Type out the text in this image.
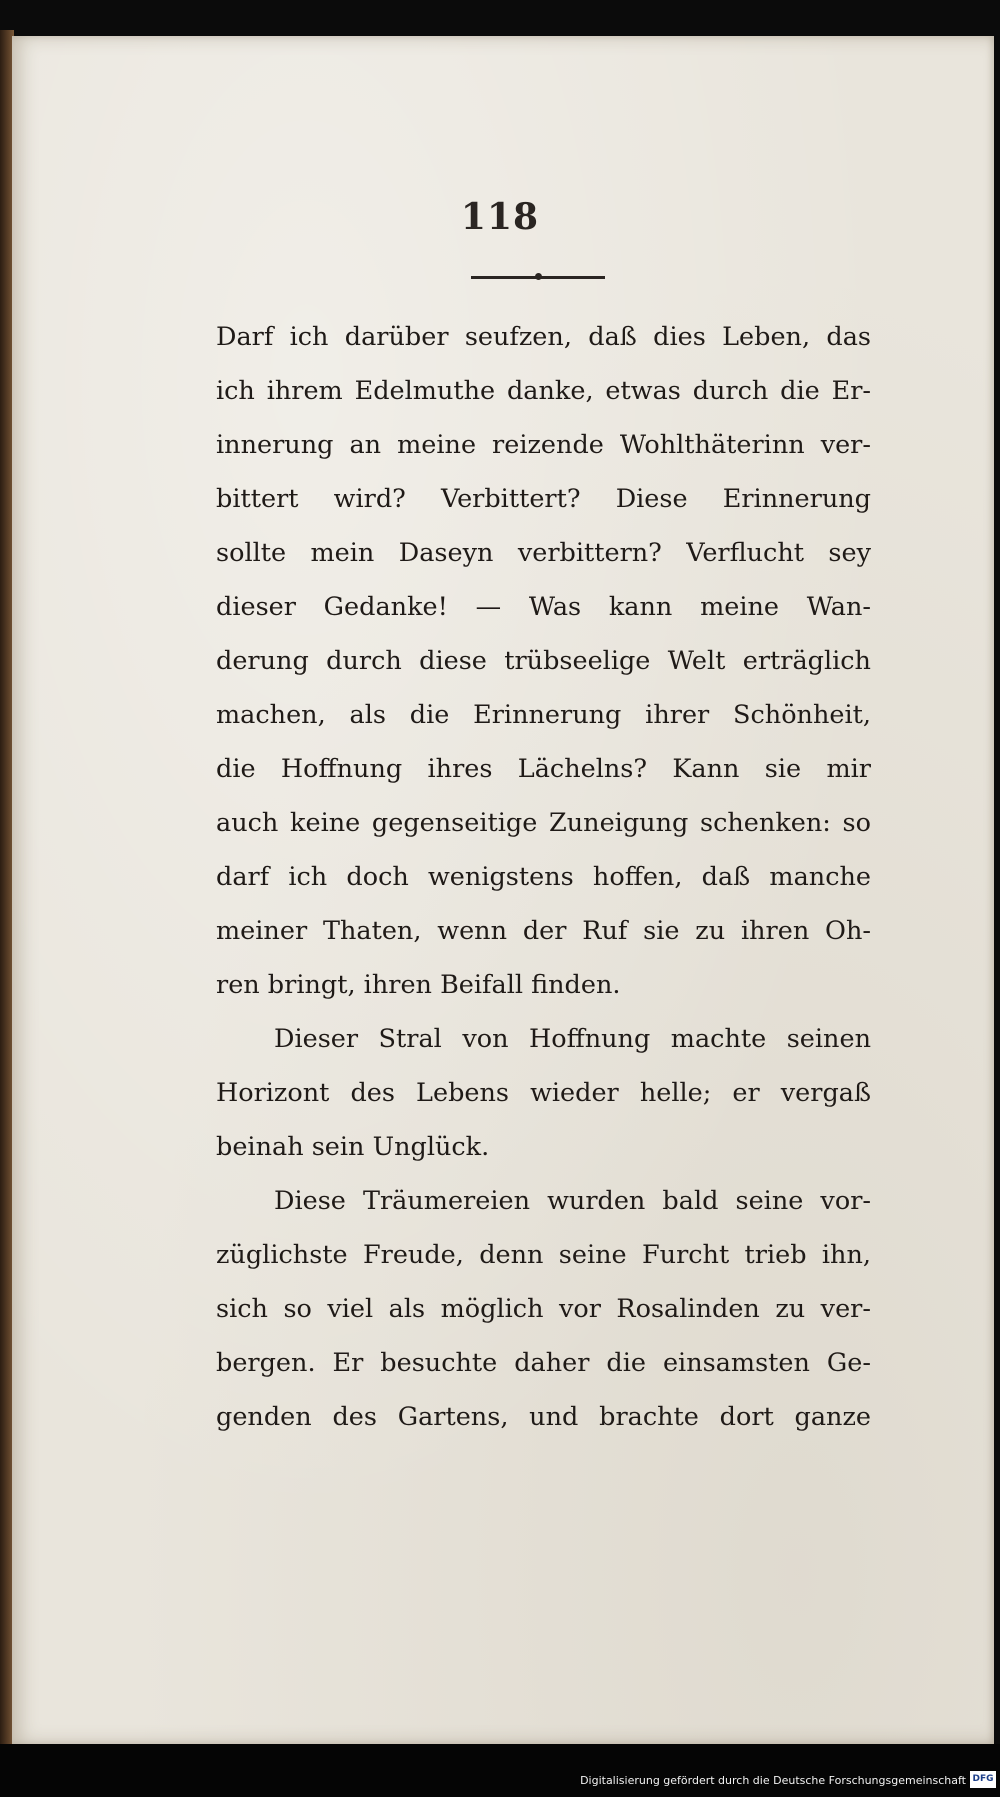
118
Darf ich darüber seufzen, daß dies Leben, das
ich ihrem Edelmuthe danke, etwas durch die Er-
innerung an meine reizende Wohlthäterinn ver-
bittert wird? Verbittert? Diese Erinnerung
sollte mein Daseyn verbittern? Verflucht sey
dieser Gedanke! — Was kann meine Wan-
derung durch diese trübseelige Welt erträglich
machen, als die Erinnerung ihrer Schönheit,
die Hoffnung ihres Lächelns? Kann sie mir
auch keine gegenseitige Zuneigung schenken: so
darf ich doch wenigstens hoffen, daß manche
meiner Thaten, wenn der Ruf sie zu ihren Oh-
ren bringt, ihren Beifall finden.
Dieser Stral von Hoffnung machte seinen
Horizont des Lebens wieder helle; er vergaß
beinah sein Unglück.
Diese Träumereien wurden bald seine vor-
züglichste Freude, denn seine Furcht trieb ihn,
sich so viel als möglich vor Rosalinden zu ver-
bergen. Er besuchte daher die einsamsten Ge-
genden des Gartens, und brachte dort ganze
Digitalisierung gefördert durch die Deutsche Forschungsgemeinschaft DFG
